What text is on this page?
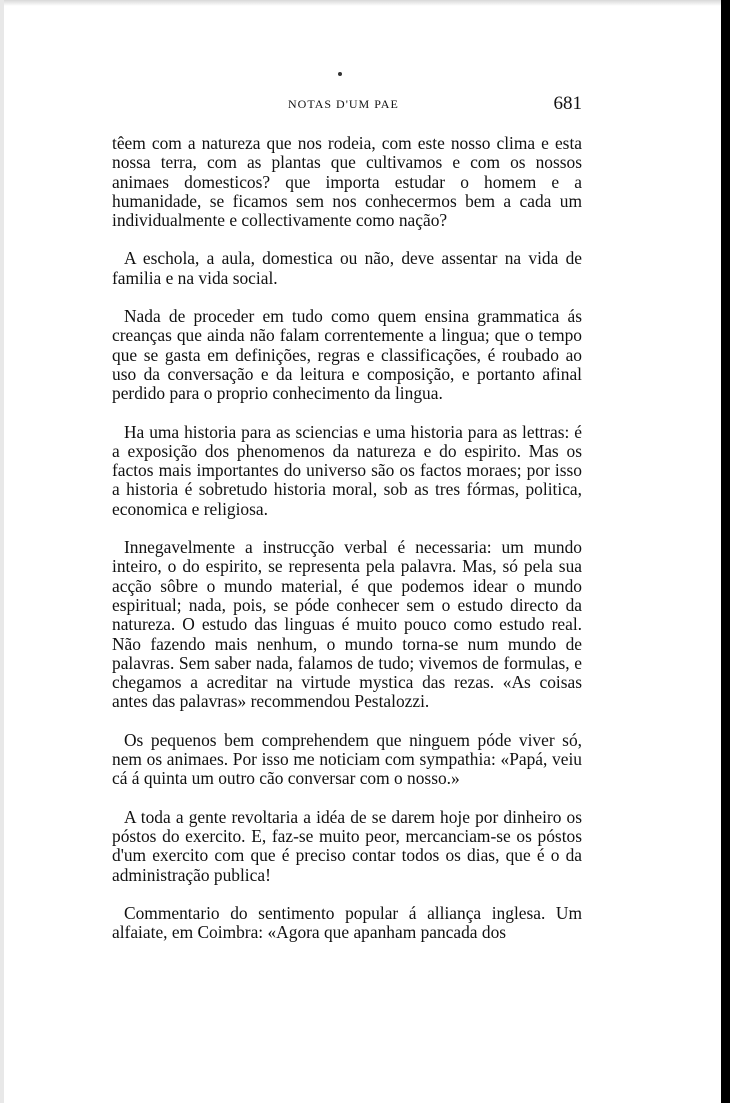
NOTAS D'UM PAE	681

têem com a natureza que nos rodeia, com este nosso clima e esta nossa terra, com as plantas que cultivamos e com os nossos animaes domesticos? que importa estudar o homem e a humanidade, se ficamos sem nos conhecermos bem a cada um individualmente e collectivamente como nação?

A eschola, a aula, domestica ou não, deve assentar na vida de familia e na vida social.

Nada de proceder em tudo como quem ensina grammatica ás creanças que ainda não falam correntemente a lingua; que o tempo que se gasta em definições, regras e classificações, é roubado ao uso da conversação e da leitura e composição, e portanto afinal perdido para o proprio conhecimento da lingua.

Ha uma historia para as sciencias e uma historia para as lettras: é a exposição dos phenomenos da natureza e do espirito. Mas os factos mais importantes do universo são os factos moraes; por isso a historia é sobretudo historia moral, sob as tres fórmas, politica, economica e religiosa.

Innegavelmente a instrucção verbal é necessaria: um mundo inteiro, o do espirito, se representa pela palavra. Mas, só pela sua acção sôbre o mundo material, é que podemos idear o mundo espiritual; nada, pois, se póde conhecer sem o estudo directo da natureza. O estudo das linguas é muito pouco como estudo real. Não fazendo mais nenhum, o mundo torna-se num mundo de palavras. Sem saber nada, falamos de tudo; vivemos de formulas, e chegamos a acreditar na virtude mystica das rezas. «As coisas antes das palavras» recommendou Pestalozzi.

Os pequenos bem comprehendem que ninguem póde viver só, nem os animaes. Por isso me noticiam com sympathia: «Papá, veiu cá á quinta um outro cão conversar com o nosso.»

A toda a gente revoltaria a idéa de se darem hoje por dinheiro os póstos do exercito. E, faz-se muito peor, mercanciam-se os póstos d'um exercito com que é preciso contar todos os dias, que é o da administração publica!

Commentario do sentimento popular á alliança inglesa. Um alfaiate, em Coimbra: «Agora que apanham pancada dos
